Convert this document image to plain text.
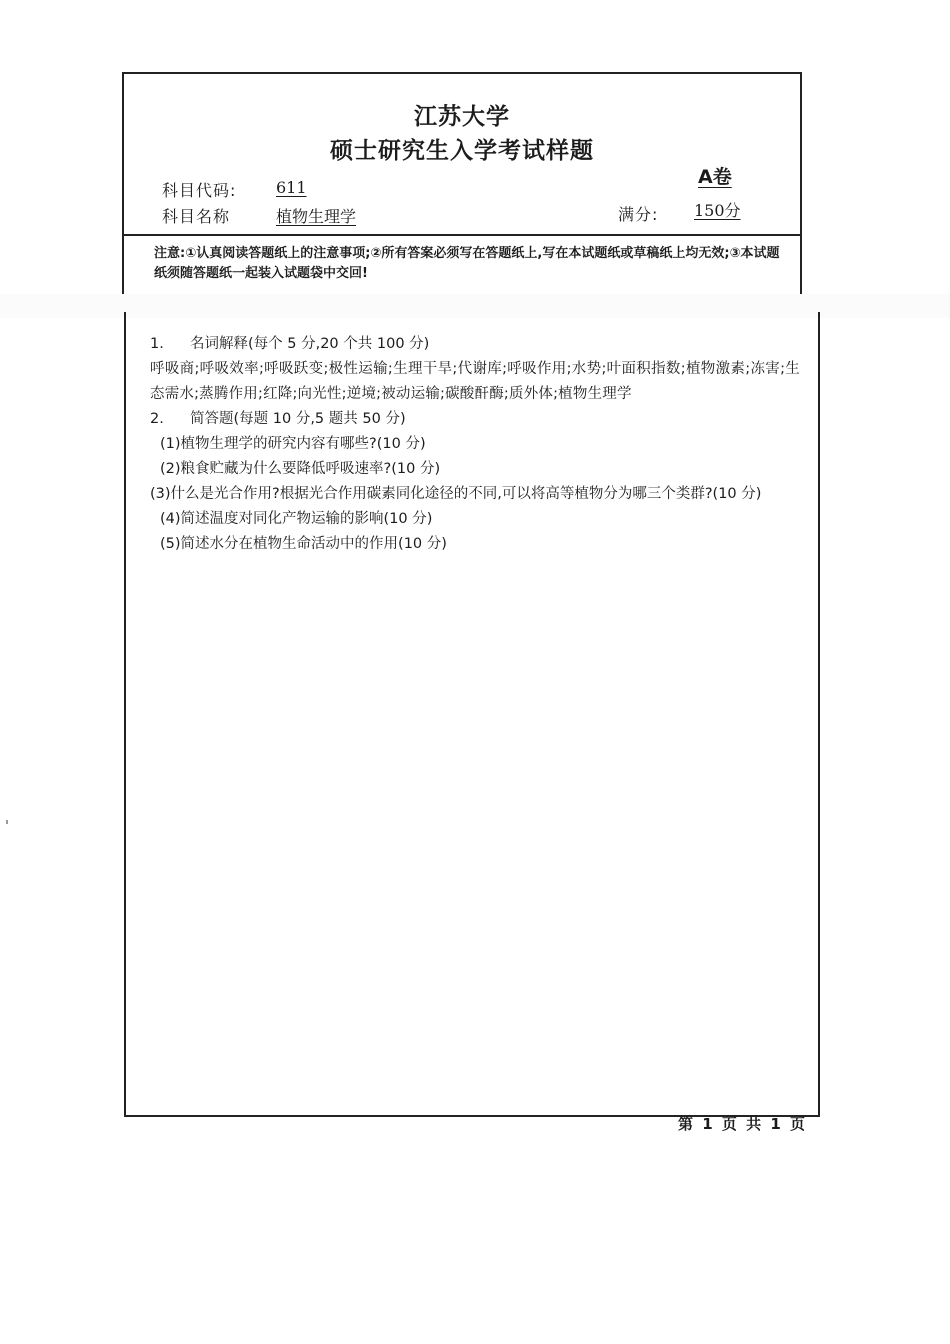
江苏大学
硕士研究生入学考试样题
A卷
科目代码: 611
科目名称	植物生理学	满分: 150分
注意:①认真阅读答题纸上的注意事项;②所有答案必须写在答题纸上,写在本试题纸或草稿纸上均无效;③本试题纸须随答题纸一起装入试题袋中交回!
1.	名词解释(每个 5 分,20 个共 100 分)
呼吸商;呼吸效率;呼吸跃变;极性运输;生理干旱;代谢库;呼吸作用;水势;叶面积指数;植物激素;冻害;生态需水;蒸腾作用;红降;向光性;逆境;被动运输;碳酸酐酶;质外体;植物生理学
2.	简答题(每题 10 分,5 题共 50 分)
(1)植物生理学的研究内容有哪些?(10 分)
(2)粮食贮藏为什么要降低呼吸速率?(10 分)
(3)什么是光合作用?根据光合作用碳素同化途径的不同,可以将高等植物分为哪三个类群?(10 分)
(4)简述温度对同化产物运输的影响(10 分)
(5)简述水分在植物生命活动中的作用(10 分)
第 1 页 共 1 页
